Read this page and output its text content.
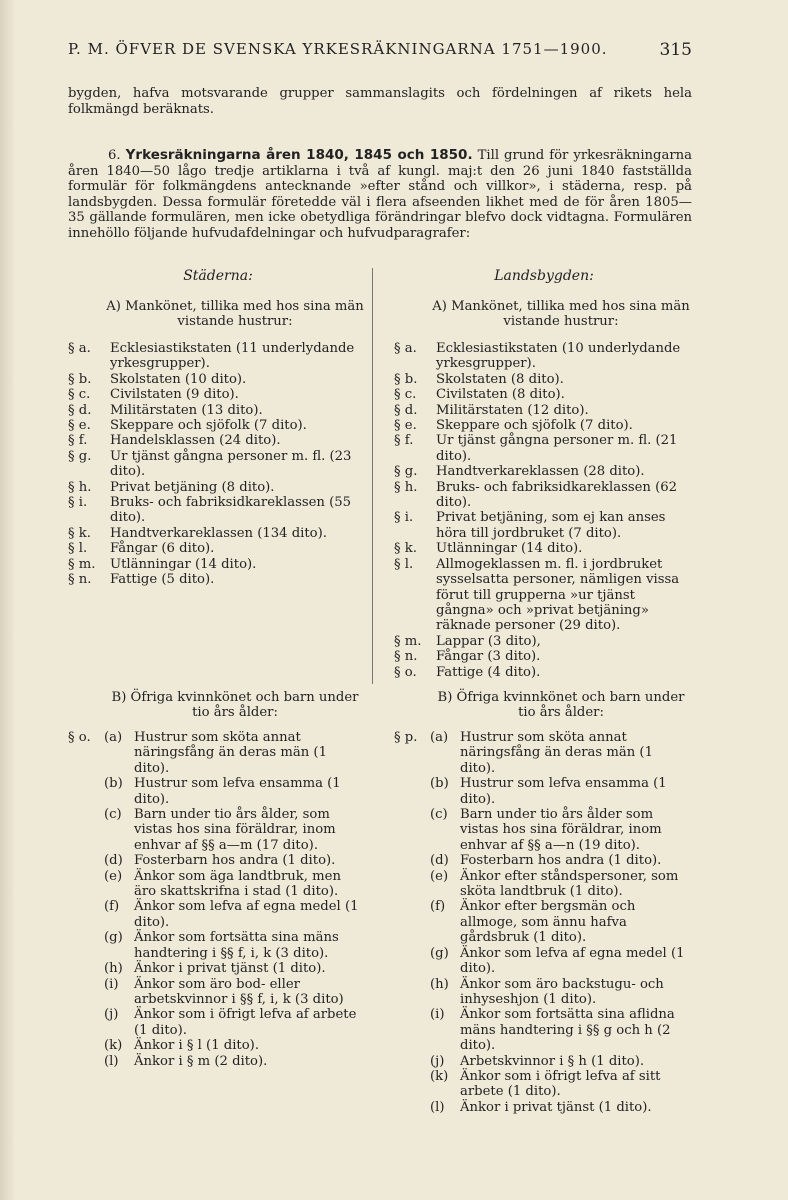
P. M. ÖFVER DE SVENSKA YRKESRÄKNINGARNA 1751—1900.	315
bygden, hafva motsvarande grupper sammanslagits och fördelningen af rikets hela folkmängd beräknats.
6. Yrkesräkningarna åren 1840, 1845 och 1850. Till grund för yrkesräkningarna åren 1840—50 lågo tredje artiklarna i två af kungl. maj:t den 26 juni 1840 fastställda formulär för folkmängdens antecknande »efter stånd och villkor», i städerna, resp. på landsbygden. Dessa formulär företedde väl i flera afseenden likhet med de för åren 1805—35 gällande formulären, men icke obetydliga förändringar blefvo dock vidtagna. Formulären innehöllo följande hufvudafdelningar och hufvudparagrafer:
Städerna:
A) Mankönet, tillika med hos sina män vistande hustrur:
§ a.	Ecklesiastikstaten (11 underlydande yrkesgrupper).
§ b.	Skolstaten (10 dito).
§ c.	Civilstaten (9 dito).
§ d.	Militärstaten (13 dito).
§ e.	Skeppare och sjöfolk (7 dito).
§ f.	Handelsklassen (24 dito).
§ g.	Ur tjänst gångna personer m. fl. (23 dito).
§ h.	Privat betjäning (8 dito).
§ i.	Bruks- och fabriksidkareklassen (55 dito).
§ k.	Handtverkareklassen (134 dito).
§ l.	Fångar (6 dito).
§ m.	Utlänningar (14 dito).
§ n.	Fattige (5 dito).
B) Öfriga kvinnkönet och barn under tio års ålder:
§ o.	(a) Hustrur som sköta annat näringsfång än deras män (1 dito).
(b) Hustrur som lefva ensamma (1 dito).
(c) Barn under tio års ålder, som vistas hos sina föräldrar, inom enhvar af §§ a—m (17 dito).
(d) Fosterbarn hos andra (1 dito).
(e) Änkor som äga landtbruk, men äro skattskrifna i stad (1 dito).
(f)	Änkor som lefva af egna medel (1 dito).
(g) Änkor som fortsätta sina mäns handtering i §§ f, i, k (3 dito).
(h) Änkor i privat tjänst (1 dito).
(i)	Änkor som äro bod- eller arbetskvinnor i §§ f, i, k (3 dito)
(j)	Änkor som i öfrigt lefva af arbete (1 dito).
(k) Änkor i § l (1 dito).
(l)	Änkor i § m (2 dito).
Landsbygden:
A) Mankönet, tillika med hos sina män vistande hustrur:
§ a.	Ecklesiastikstaten (10 underlydande yrkesgrupper).
§ b.	Skolstaten (8 dito).
§ c.	Civilstaten (8 dito).
§ d.	Militärstaten (12 dito).
§ e.	Skeppare och sjöfolk (7 dito).
§ f.	Ur tjänst gångna personer m. fl. (21 dito).
§ g.	Handtverkareklassen (28 dito).
§ h.	Bruks- och fabriksidkareklassen (62 dito).
§ i.	Privat betjäning, som ej kan anses höra till jordbruket (7 dito).
§ k.	Utlänningar (14 dito).
§ l.	Allmogeklassen m. fl. i jordbruket sysselsatta personer, nämligen vissa förut till grupperna »ur tjänst gångna» och »privat betjäning» räknade personer (29 dito).
§ m.	Lappar (3 dito),
§ n.	Fångar (3 dito).
§ o.	Fattige (4 dito).
B) Öfriga kvinnkönet och barn under tio års ålder:
§ p. (a) Hustrur som sköta annat näringsfång än deras män (1 dito).
(b) Hustrur som lefva ensamma (1 dito).
(c) Barn under tio års ålder som vistas hos sina föräldrar, inom enhvar af §§ a—n (19 dito).
(d) Fosterbarn hos andra (1 dito).
(e) Änkor efter ståndspersoner, som sköta landtbruk (1 dito).
(f)	Änkor efter bergsmän och allmoge, som ännu hafva gårdsbruk (1 dito).
(g) Änkor som lefva af egna medel (1 dito).
(h) Änkor som äro backstugu- och inhyseshjon (1 dito).
(i)	Änkor som fortsätta sina aflidna mäns handtering i §§ g och h (2 dito).
(j)	Arbetskvinnor i § h (1 dito).
(k) Änkor som i öfrigt lefva af sitt arbete (1 dito).
(l)	Änkor i privat tjänst (1 dito).
